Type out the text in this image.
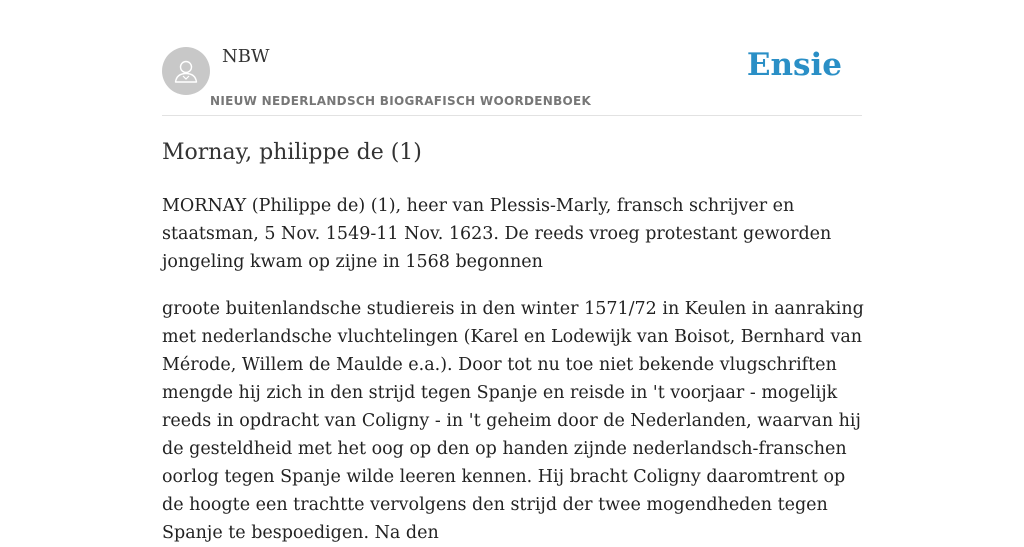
NBW
NIEUW NEDERLANDSCH BIOGRAFISCH WOORDENBOEK
Ensie
Mornay, philippe de (1)

MORNAY (Philippe de) (1), heer van Plessis-Marly, fransch schrijver en staatsman, 5 Nov. 1549-11 Nov. 1623. De reeds vroeg protestant geworden jongeling kwam op zijne in 1568 begonnen

groote buitenlandsche studiereis in den winter 1571/72 in Keulen in aanraking met nederlandsche vluchtelingen (Karel en Lodewijk van Boisot, Bernhard van Mérode, Willem de Maulde e.a.). Door tot nu toe niet bekende vlugschriften mengde hij zich in den strijd tegen Spanje en reisde in 't voorjaar - mogelijk reeds in opdracht van Coligny - in 't geheim door de Nederlanden, waarvan hij de gesteldheid met het oog op den op handen zijnde nederlandsch-franschen oorlog tegen Spanje wilde leeren kennen. Hij bracht Coligny daaromtrent op de hoogte een trachtte vervolgens den strijd der twee mogendheden tegen Spanje te bespoedigen. Na den
